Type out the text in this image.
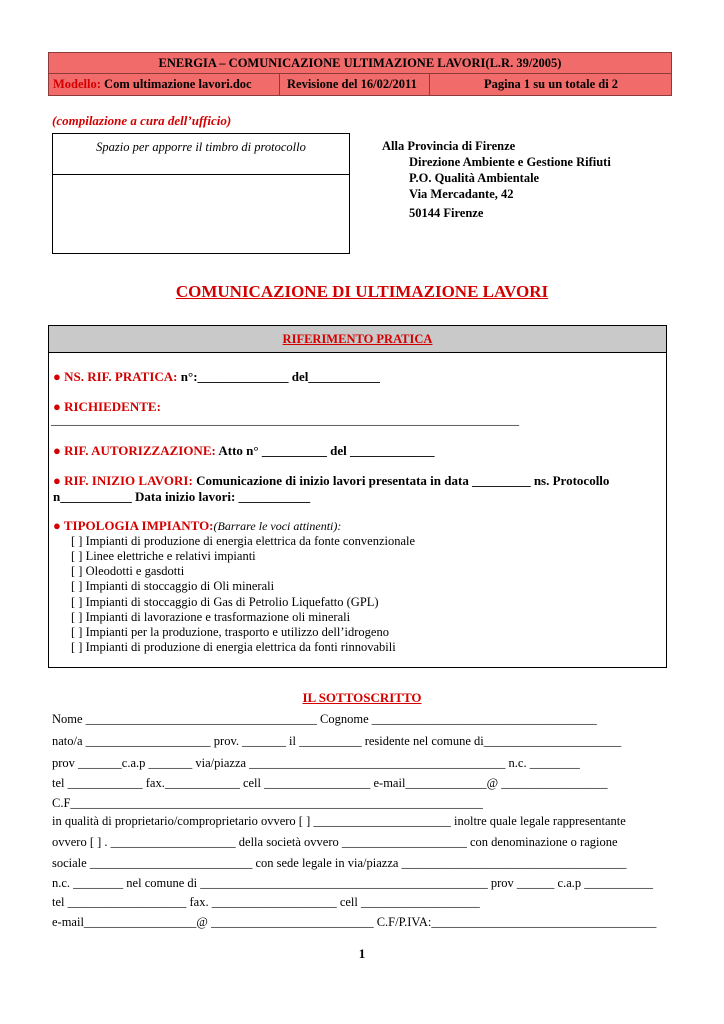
ENERGIA – COMUNICAZIONE ULTIMAZIONE LAVORI(L.R. 39/2005)
Modello: Com ultimazione lavori.doc	Revisione del 16/02/2011	Pagina 1 su un totale di 2
(compilazione a cura dell’ufficio)
Spazio per apporre il timbro di protocollo	Alla Provincia di Firenze
Direzione Ambiente e Gestione Rifiuti
P.O. Qualità Ambientale
Via Mercadante, 42
50144 Firenze
COMUNICAZIONE DI ULTIMAZIONE LAVORI
RIFERIMENTO PRATICA
● NS. RIF. PRATICA: n°:______________ del___________
● RICHIEDENTE:
________________________________________________________________________
● RIF. AUTORIZZAZIONE: Atto n° __________ del _____________
● RIF. INIZIO LAVORI: Comunicazione di inizio lavori presentata in data _________ ns. Protocollo
n___________ Data inizio lavori: ___________
● TIPOLOGIA IMPIANTO:(Barrare le voci attinenti):
[ ] Impianti di produzione di energia elettrica da fonte convenzionale
[ ] Linee elettriche e relativi impianti
[ ] Oleodotti e gasdotti
[ ] Impianti di stoccaggio di Oli minerali
[ ] Impianti di stoccaggio di Gas di Petrolio Liquefatto (GPL)
[ ] Impianti di lavorazione e trasformazione oli minerali
[ ] Impianti per la produzione, trasporto e utilizzo dell’idrogeno
[ ] Impianti di produzione di energia elettrica da fonti rinnovabili
IL SOTTOSCRITTO
Nome _____________________________________ Cognome ____________________________________
nato/a ____________________ prov. _______ il __________ residente nel comune di______________________
prov _______c.a.p _______ via/piazza _________________________________________ n.c. ________
tel ____________ fax.____________ cell _________________ e-mail_____________@ _________________
C.F__________________________________________________________________
in qualità di proprietario/comproprietario ovvero [ ] ______________________ inoltre quale legale rappresentante
ovvero [ ] . ____________________ della società ovvero ____________________ con denominazione o ragione
sociale __________________________ con sede legale in via/piazza ____________________________________
n.c. ________ nel comune di ______________________________________________ prov ______ c.a.p ___________
tel ___________________ fax. ____________________ cell ___________________
e-mail__________________@ __________________________ C.F/P.IVA:____________________________________
1
